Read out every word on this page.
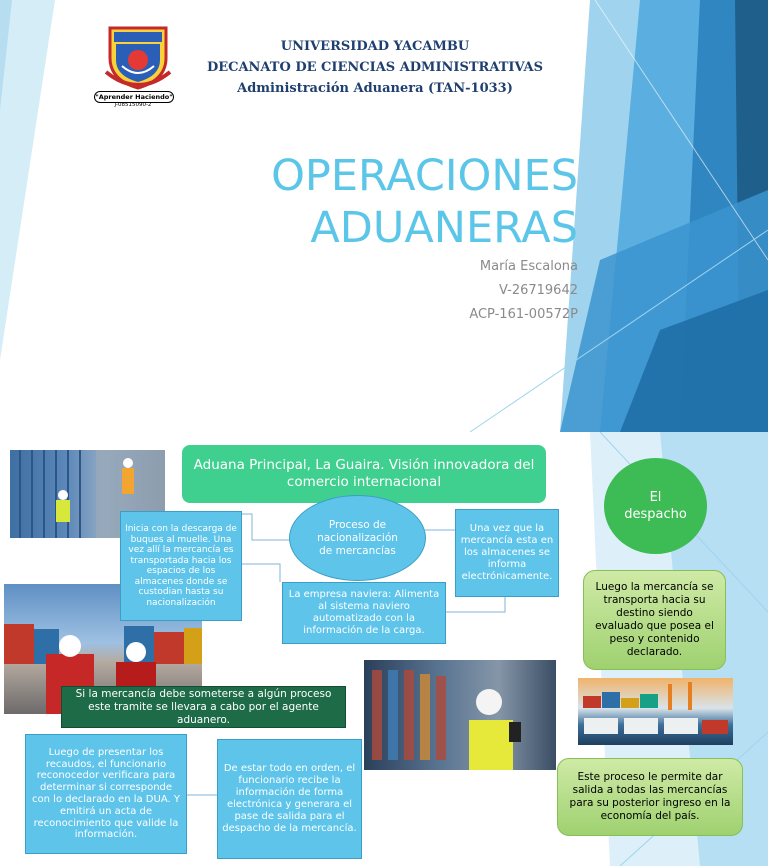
"Aprender Haciendo"
J-08515090-2
UNIVERSIDAD YACAMBU
DECANATO DE CIENCIAS ADMINISTRATIVAS
Administración Aduanera (TAN-1033)
OPERACIONES
ADUANERAS
María Escalona
V-26719642
ACP-161-00572P
Aduana Principal, La Guaira. Visión innovadora del comercio internacional
Proceso de nacionalización de mercancías
El despacho
Inicia con la descarga de buques al muelle. Una vez allí la mercancía es transportada hacia los espacios de los almacenes donde se custodian hasta su nacionalización
La empresa naviera: Alimenta al sistema naviero automatizado con la información de la carga.
Una vez que la mercancía esta en los almacenes se informa electrónicamente.
Luego de presentar los recaudos, el funcionario reconocedor verificara para determinar si corresponde con lo declarado en la DUA. Y emitirá un acta de reconocimiento que valide la información.
De estar todo en orden, el funcionario recibe la información de forma electrónica y generara el pase de salida para el despacho de la mercancía.
Si la mercancía debe someterse a algún proceso este tramite se llevara a cabo por el agente aduanero.
Luego la mercancía se transporta hacia su destino siendo evaluado que posea el peso y contenido declarado.
Este proceso le permite dar salida a todas las mercancías para su posterior ingreso en la economía del país.
